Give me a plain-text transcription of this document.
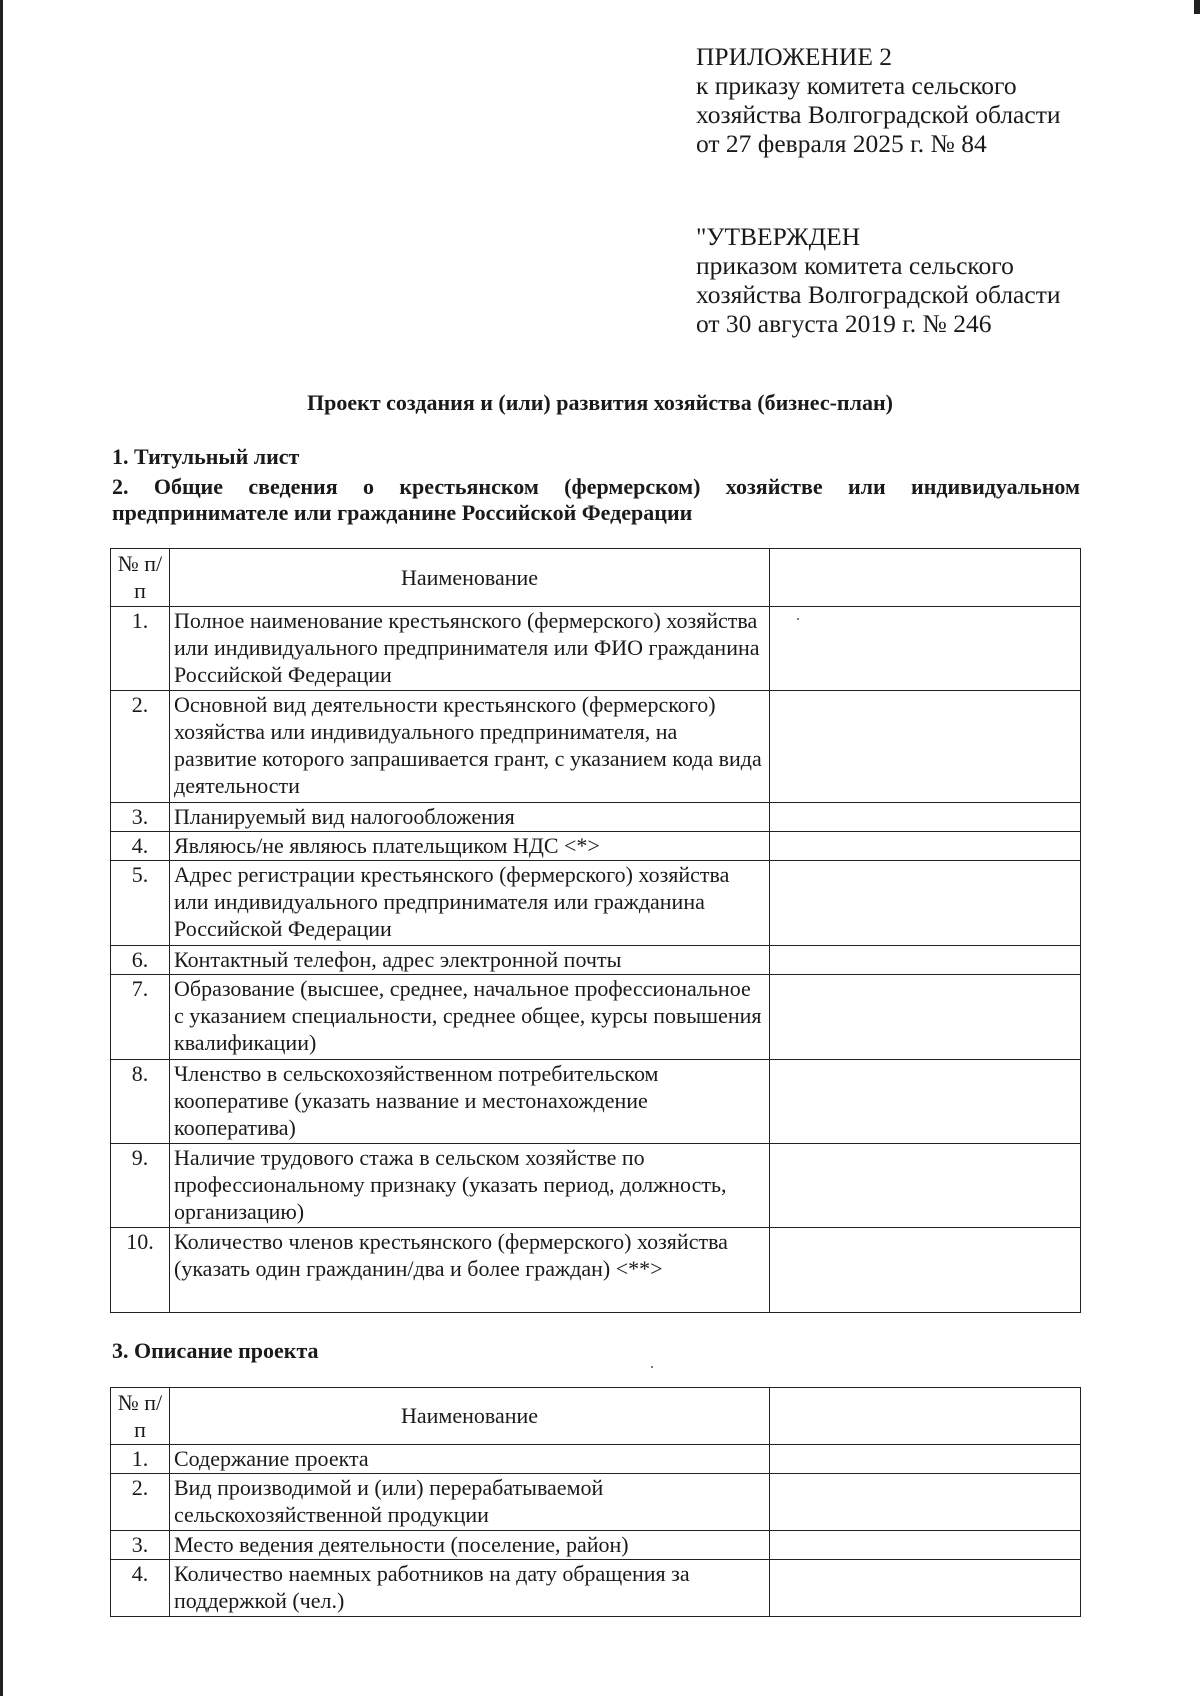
ПРИЛОЖЕНИЕ 2
к приказу комитета сельского
хозяйства Волгоградской области
от 27 февраля 2025 г. № 84
"УТВЕРЖДЕН
приказом комитета сельского
хозяйства Волгоградской области
от 30 августа 2019 г. № 246
Проект создания и (или) развития хозяйства (бизнес-план)
1. Титульный лист
2. Общие сведения о крестьянском (фермерском) хозяйстве или индивидуальном предпринимателе или гражданине Российской Федерации
№ п/п	Наименование	
1.	Полное наименование крестьянского (фермерского) хозяйства или индивидуального предпринимателя или ФИО гражданина Российской Федерации	
2.	Основной вид деятельности крестьянского (фермерского) хозяйства или индивидуального предпринимателя, на развитие которого запрашивается грант, с указанием кода вида деятельности	
3.	Планируемый вид налогообложения	
4.	Являюсь/не являюсь плательщиком НДС <*>	
5.	Адрес регистрации крестьянского (фермерского) хозяйства или индивидуального предпринимателя или гражданина Российской Федерации	
6.	Контактный телефон, адрес электронной почты	
7.	Образование (высшее, среднее, начальное профессиональное с указанием специальности, среднее общее, курсы повышения квалификации)	
8.	Членство в сельскохозяйственном потребительском кооперативе (указать название и местонахождение кооператива)	
9.	Наличие трудового стажа в сельском хозяйстве по профессиональному признаку (указать период, должность, организацию)	
10.	Количество членов крестьянского (фермерского) хозяйства (указать один гражданин/два и более граждан) <**>	
3. Описание проекта
№ п/п	Наименование	
1.	Содержание проекта	
2.	Вид производимой и (или) перерабатываемой сельскохозяйственной продукции	
3.	Место ведения деятельности (поселение, район)	
4.	Количество наемных работников на дату обращения за поддержкой (чел.)	
